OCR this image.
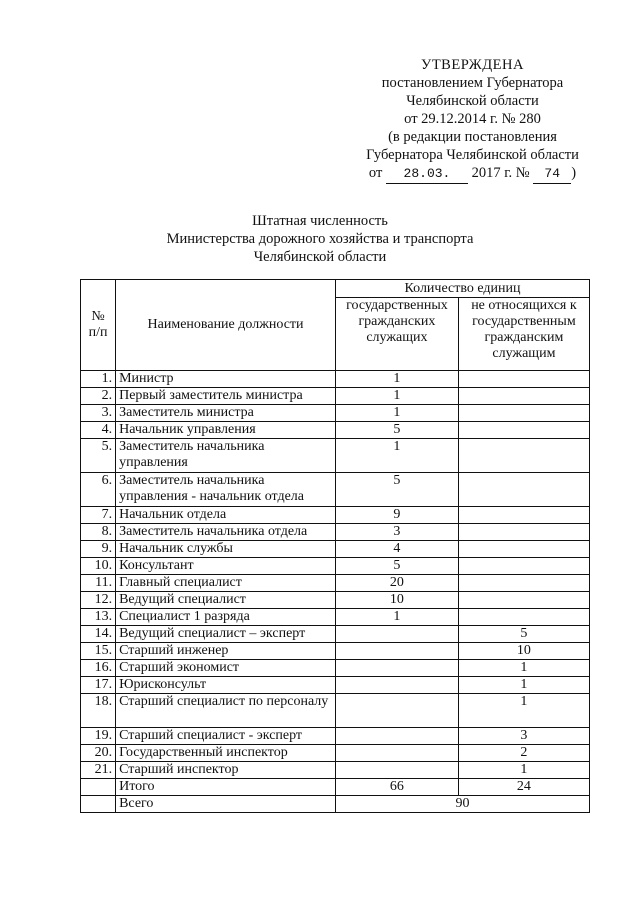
УТВЕРЖДЕНА
постановлением Губернатора
Челябинской области
от 29.12.2014 г. № 280
(в редакции постановления
Губернатора Челябинской области
от 28.03. 2017 г. № 74 )
Штатная численность
Министерства дорожного хозяйства и транспорта
Челябинской области
№ п/п	Наименование должности	Количество единиц	
		государственных гражданских служащих	не относящихся к государственным гражданским служащим
1.	Министр	1	
2.	Первый заместитель министра	1	
3.	Заместитель министра	1	
4.	Начальник управления	5	
5.	Заместитель начальника управления	1	
6.	Заместитель начальника управления - начальник отдела	5	
7.	Начальник отдела	9	
8.	Заместитель начальника отдела	3	
9.	Начальник службы	4	
10.	Консультант	5	
11.	Главный специалист	20	
12.	Ведущий специалист	10	
13.	Специалист 1 разряда	1	
14.	Ведущий специалист – эксперт		5
15.	Старший инженер		10
16.	Старший экономист		1
17.	Юрисконсульт		1
18.	Старший специалист по персоналу		1
19.	Старший специалист - эксперт		3
20.	Государственный инспектор		2
21.	Старший инспектор		1
	Итого	66	24
	Всего	90	
